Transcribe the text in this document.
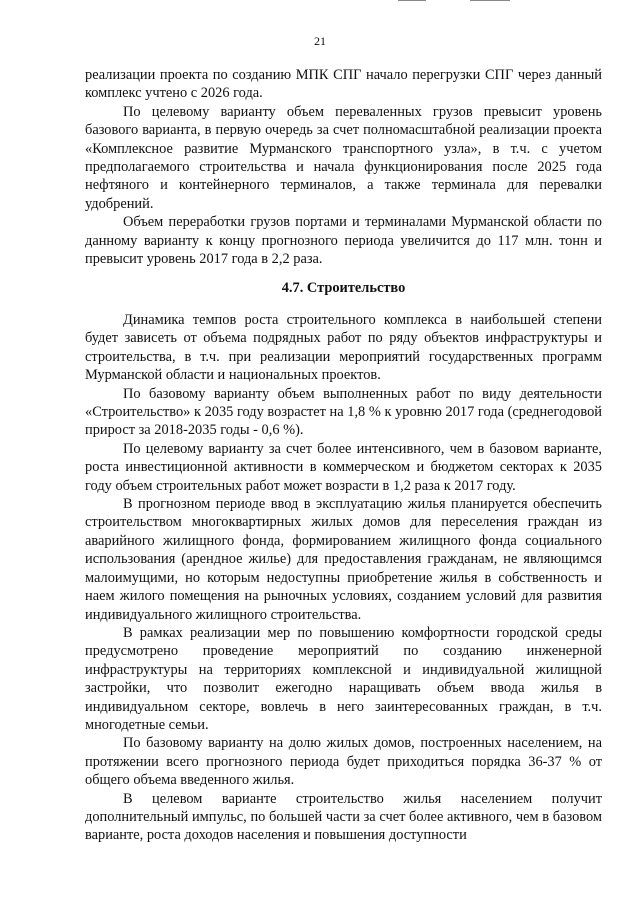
21

реализации проекта по созданию МПК СПГ начало перегрузки СПГ через данный комплекс учтено с 2026 года.

По целевому варианту объем переваленных грузов превысит уровень базового варианта, в первую очередь за счет полномасштабной реализации проекта «Комплексное развитие Мурманского транспортного узла», в т.ч. с учетом предполагаемого строительства и начала функционирования после 2025 года нефтяного и контейнерного терминалов, а также терминала для перевалки удобрений.

Объем переработки грузов портами и терминалами Мурманской области по данному варианту к концу прогнозного периода увеличится до 117 млн. тонн и превысит уровень 2017 года в 2,2 раза.

4.7. Строительство

Динамика темпов роста строительного комплекса в наибольшей степени будет зависеть от объема подрядных работ по ряду объектов инфраструктуры и строительства, в т.ч. при реализации мероприятий государственных программ Мурманской области и национальных проектов.

По базовому варианту объем выполненных работ по виду деятельности «Строительство» к 2035 году возрастет на 1,8 % к уровню 2017 года (среднегодовой прирост за 2018-2035 годы - 0,6 %).

По целевому варианту за счет более интенсивного, чем в базовом варианте, роста инвестиционной активности в коммерческом и бюджетом секторах к 2035 году объем строительных работ может возрасти в 1,2 раза к 2017 году.

В прогнозном периоде ввод в эксплуатацию жилья планируется обеспечить строительством многоквартирных жилых домов для переселения граждан из аварийного жилищного фонда, формированием жилищного фонда социального использования (арендное жилье) для предоставления гражданам, не являющимся малоимущими, но которым недоступны приобретение жилья в собственность и наем жилого помещения на рыночных условиях, созданием условий для развития индивидуального жилищного строительства.

В рамках реализации мер по повышению комфортности городской среды предусмотрено проведение мероприятий по созданию инженерной инфраструктуры на территориях комплексной и индивидуальной жилищной застройки, что позволит ежегодно наращивать объем ввода жилья в индивидуальном секторе, вовлечь в него заинтересованных граждан, в т.ч. многодетные семьи.

По базовому варианту на долю жилых домов, построенных населением, на протяжении всего прогнозного периода будет приходиться порядка 36-37 % от общего объема введенного жилья.

В целевом варианте строительство жилья населением получит дополнительный импульс, по большей части за счет более активного, чем в базовом варианте, роста доходов населения и повышения доступности
